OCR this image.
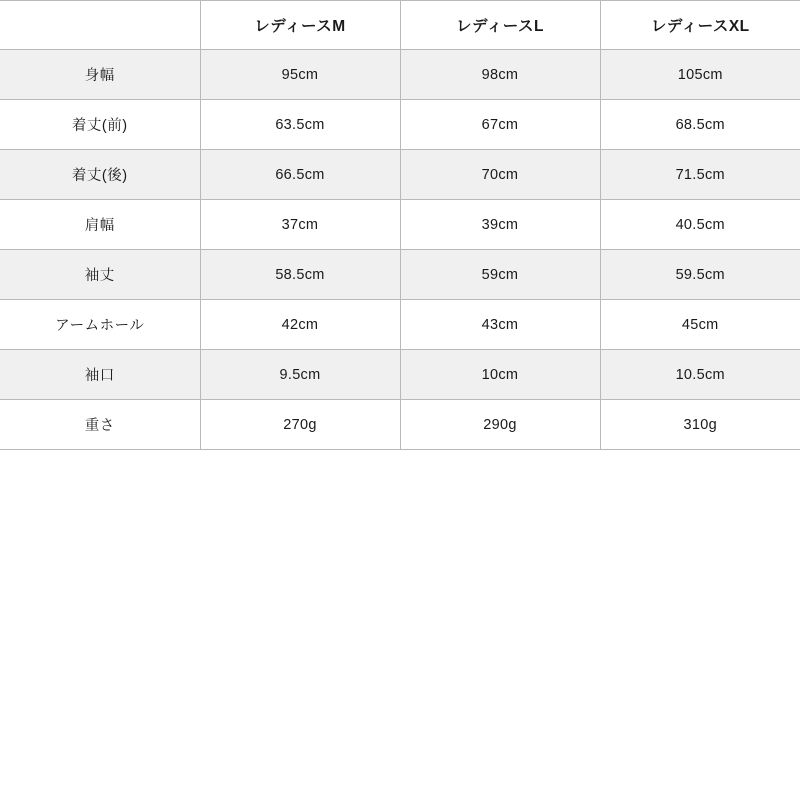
	レディースM	レディースL	レディースXL
身幅	95cm	98cm	105cm
着丈(前)	63.5cm	67cm	68.5cm
着丈(後)	66.5cm	70cm	71.5cm
肩幅	37cm	39cm	40.5cm
袖丈	58.5cm	59cm	59.5cm
アームホール	42cm	43cm	45cm
袖口	9.5cm	10cm	10.5cm
重さ	270g	290g	310g
